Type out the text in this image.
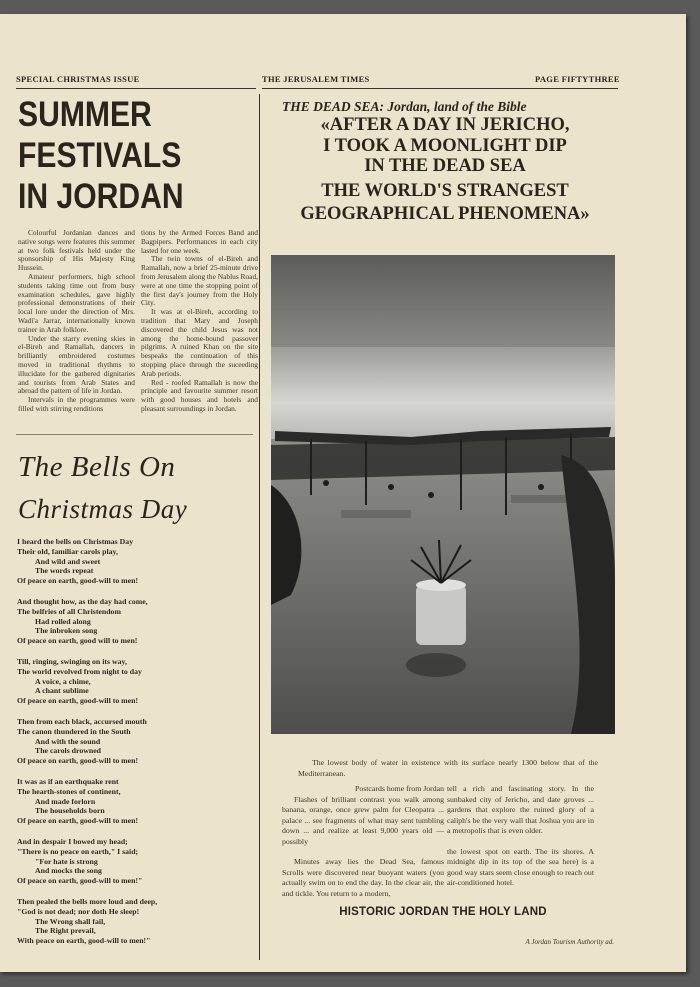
SPECIAL CHRISTMAS ISSUE	THE JERUSALEM TIMES	PAGE FIFTYTHREE
SUMMER
FESTIVALS
IN JORDAN

Colourful Jordanian dances and native songs were features this summer at two folk festivals held under the sponsorship of His Majesty King Hussein.

Amateur performers, high school students taking time out from busy examination schedules, gave highly professional demonstrations of their local lore under the direction of Mrs. Wadi'a Jarrar, internationally known trainer in Arab folklore.

Under the starry evening skies in el-Bireh and Ramallah, dancers in brilliantly embroidered costumes moved in traditional rhythms to illucidate for the gathered dignitaries and tourists from Arab States and abroad the pattern of life in Jordan.

Intervals in the programmes were filled with stirring renditions

tions by the Armed Forces Band and Bagpipers. Performances in each city lasted for one week.

The twin towns of el-Bireh and Ramallah, now a brief 25-minute drive from Jerusalem along the Nablus Road, were at one time the stopping point of the first day's journey from the Holy City.

It was at el-Bireh, according to tradition that Mary and Joseph discovered the child Jesus was not among the home-bound passover pilgrims. A ruined Khan on the site bespeaks the continuation of this stopping place through the suceeding Arab periods.

Red - roofed Ramallah is now the principle and favourite summer resort with good houses and hotels and pleasant surroundings in Jordan.

The Bells On
Christmas Day
I heard the bells on Christmas Day
Their old, familiar carols play,
And wild and sweet
The words repeat
Of peace on earth, good-will to men!
And thought how, as the day had come,
The belfries of all Christendom
Had rolled along
The inbroken song
Of peace on earth, good will to men!
Till, ringing, swinging on its way,
The world revolved from night to day
A voice, a chime,
A chant sublime
Of peace on earth, good-will to men!
Then from each black, accursed mouth
The canon thundered in the South
And with the sound
The carols drowned
Of peace on earth, good-will to men!
It was as if an earthquake rent
The hearth-stones of continent,
And made forlorn
The households born
Of peace on earth, good-will to men!
And in despair I bowed my head;
"There is no peace on earth," I said;
"For hate is strong
And mocks the song
Of peace on earth, good-will to men!"
Then pealed the bells more loud and deep,
"God is not dead; nor doth He sleep!
The Wrong shall fail,
The Right prevail,
With peace on earth, good-will to men!"
THE DEAD SEA: Jordan, land of the Bible
«AFTER A DAY IN JERICHO,
I TOOK A MOONLIGHT DIP
IN THE DEAD SEA
THE WORLD'S STRANGEST
GEOGRAPHICAL PHENOMENA»
The lowest body of water in existence with its surface nearly 1300 below that of the Mediterranean.

Postcards home from Jordan

Flashes of brilliant contrast you walk among banana, orange, once grew palm for Cleopatra ... palace ... see fragments of what may sent tumbling down ... and realize at least 9,000 years old — possibly

Minutes away lies the Dead Sea, famous Scrolls were discovered near buoyant waters (you actually swim on to end the day. In the clear air, the and tickle. You return to a modern,

tell a rich and fascinating story. In the sunbaked city of Jericho, and date groves ... gardens that explore the ruined glory of a caliph's be the very wall that Joshua you are in a metropolis that is even older.

the lowest spot on earth. The its shores. A midnight dip in its top of the sea here) is a good way stars seem close enough to reach out air-conditioned hotel.

HISTORIC JORDAN THE HOLY LAND
A Jordan Tourism Authority ad.
